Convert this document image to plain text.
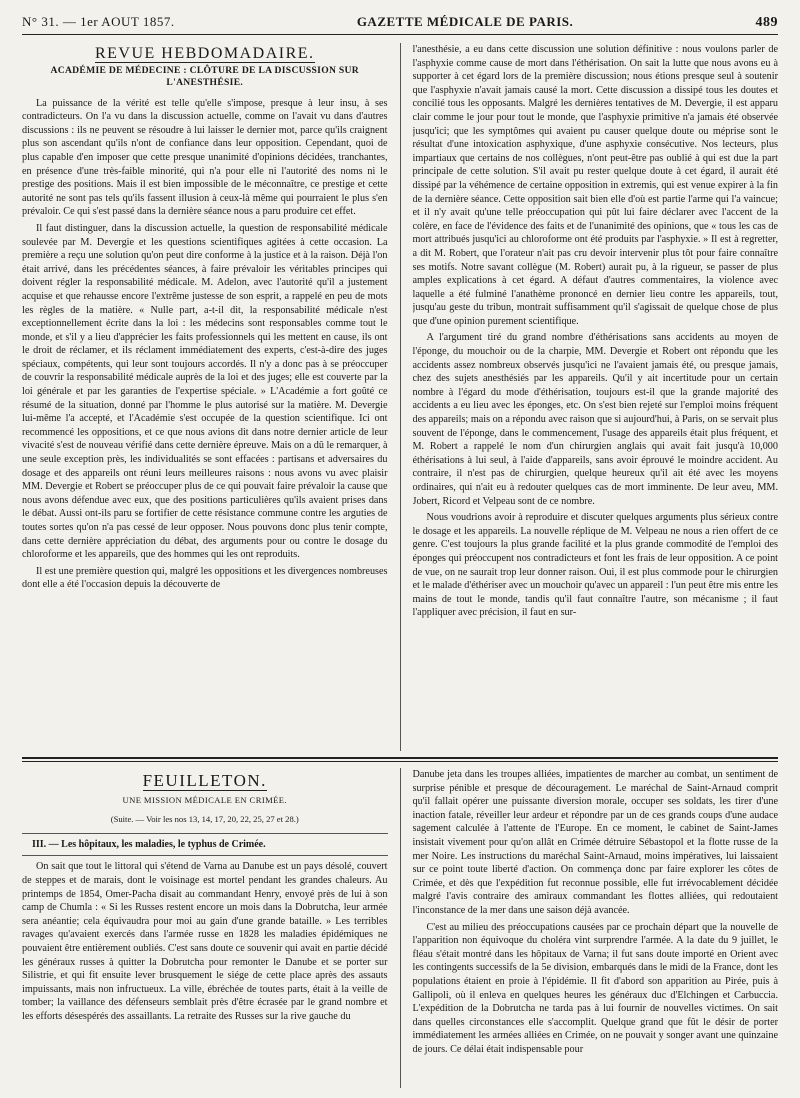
N° 31. — 1er AOUT 1857.	GAZETTE MÉDICALE DE PARIS.	489
REVUE HEBDOMADAIRE.
ACADÉMIE DE MÉDECINE : CLÔTURE DE LA DISCUSSION SUR L'ANESTHÉSIE.

La puissance de la vérité est telle qu'elle s'impose, presque à leur insu, à ses contradicteurs. On l'a vu dans la discussion actuelle, comme on l'avait vu dans d'autres discussions : ils ne peuvent se résoudre à lui laisser le dernier mot, parce qu'ils craignent plus son ascendant qu'ils n'ont de confiance dans leur opposition. Cependant, quoi de plus capable d'en imposer que cette presque unanimité d'opinions décidées, tranchantes, en présence d'une très-faible minorité, qui n'a pour elle ni l'autorité des noms ni le prestige des positions. Mais il est bien impossible de le méconnaître, ce prestige et cette autorité ne sont pas tels qu'ils fassent illusion à ceux-là même qui pourraient le plus s'en prévaloir. Ce qui s'est passé dans la dernière séance nous a paru produire cet effet.

Il faut distinguer, dans la discussion actuelle, la question de responsabilité médicale soulevée par M. Devergie et les questions scientifiques agitées à cette occasion. La première a reçu une solution qu'on peut dire conforme à la justice et à la raison. Déjà l'on était arrivé, dans les précédentes séances, à faire prévaloir les véritables principes qui doivent régler la responsabilité médicale. M. Adelon, avec l'autorité qu'il a justement acquise et que rehausse encore l'extrême justesse de son esprit, a rappelé en peu de mots les règles de la matière. « Nulle part, a-t-il dit, la responsabilité médicale n'est exceptionnellement écrite dans la loi : les médecins sont responsables comme tout le monde, et s'il y a lieu d'apprécier les faits professionnels qui les mettent en cause, ils ont le droit de réclamer, et ils réclament immédiatement des experts, c'est-à-dire des juges spéciaux, compétents, qui leur sont toujours accordés. Il n'y a donc pas à se préoccuper de couvrir la responsabilité médicale auprès de la loi et des juges; elle est couverte par la loi générale et par les garanties de l'expertise spéciale. » L'Académie a fort goûté ce résumé de la situation, donné par l'homme le plus autorisé sur la matière. M. Devergie lui-même l'a accepté, et l'Académie s'est occupée de la question scientifique. Ici ont recommencé les oppositions, et ce que nous avions dit dans notre dernier article de leur vivacité s'est de nouveau vérifié dans cette dernière épreuve. Mais on a dû le remarquer, à une seule exception près, les individualités se sont effacées : partisans et adversaires du dosage et des appareils ont réuni leurs meilleures raisons : nous avons vu avec plaisir MM. Devergie et Robert se préoccuper plus de ce qui pouvait faire prévaloir la cause que nous avons défendue avec eux, que des positions particulières qu'ils avaient prises dans le débat. Aussi ont-ils paru se fortifier de cette résistance commune contre les arguties de toutes sortes qu'on n'a pas cessé de leur opposer. Nous pouvons donc plus tenir compte, dans cette dernière appréciation du débat, des arguments pour ou contre le dosage du chloroforme et les appareils, que des hommes qui les ont reproduits.

Il est une première question qui, malgré les oppositions et les divergences nombreuses dont elle a été l'occasion depuis la découverte de

l'anesthésie, a eu dans cette discussion une solution définitive : nous voulons parler de l'asphyxie comme cause de mort dans l'éthérisation. On sait la lutte que nous avons eu à supporter à cet égard lors de la première discussion; nous étions presque seul à soutenir que l'asphyxie n'avait jamais causé la mort. Cette discussion a dissipé tous les doutes et concilié tous les opposants. Malgré les dernières tentatives de M. Devergie, il est apparu clair comme le jour pour tout le monde, que l'asphyxie primitive n'a jamais été observée jusqu'ici; que les symptômes qui avaient pu causer quelque doute ou méprise sont le résultat d'une intoxication asphyxique, d'une asphyxie consécutive. Nos lecteurs, plus impartiaux que certains de nos collègues, n'ont peut-être pas oublié à qui est due la part principale de cette solution. S'il avait pu rester quelque doute à cet égard, il aurait été dissipé par la véhémence de certaine opposition in extremis, qui est venue expirer à la fin de la dernière séance. Cette opposition sait bien elle d'où est partie l'arme qui l'a vaincue; et il n'y avait qu'une telle préoccupation qui pût lui faire déclarer avec l'accent de la colère, en face de l'évidence des faits et de l'unanimité des opinions, que « tous les cas de mort attribués jusqu'ici au chloroforme ont été produits par l'asphyxie. » Il est à regretter, a dit M. Robert, que l'orateur n'ait pas cru devoir intervenir plus tôt pour faire connaître ses motifs. Notre savant collègue (M. Robert) aurait pu, à la rigueur, se passer de plus amples explications à cet égard. A défaut d'autres commentaires, la violence avec laquelle a été fulminé l'anathème prononcé en dernier lieu contre les appareils, tout, jusqu'au geste du tribun, montrait suffisamment qu'il s'agissait de quelque chose de plus que d'une opinion purement scientifique.

A l'argument tiré du grand nombre d'éthérisations sans accidents au moyen de l'éponge, du mouchoir ou de la charpie, MM. Devergie et Robert ont répondu que les accidents assez nombreux observés jusqu'ici ne l'avaient jamais été, ou presque jamais, chez des sujets anesthésiés par les appareils. Qu'il y ait incertitude pour un certain nombre à l'égard du mode d'éthérisation, toujours est-il que la grande majorité des accidents a eu lieu avec les éponges, etc. On s'est bien rejeté sur l'emploi moins fréquent des appareils; mais on a répondu avec raison que si aujourd'hui, à Paris, on se servait plus souvent de l'éponge, dans le commencement, l'usage des appareils était plus fréquent, et M. Robert a rappelé le nom d'un chirurgien anglais qui avait fait jusqu'à 10,000 éthérisations à lui seul, à l'aide d'appareils, sans avoir éprouvé le moindre accident. Au contraire, il n'est pas de chirurgien, quelque heureux qu'il ait été avec les moyens ordinaires, qui n'ait eu à redouter quelques cas de mort imminente. De leur aveu, MM. Jobert, Ricord et Velpeau sont de ce nombre.

Nous voudrions avoir à reproduire et discuter quelques arguments plus sérieux contre le dosage et les appareils. La nouvelle réplique de M. Velpeau ne nous a rien offert de ce genre. C'est toujours la plus grande facilité et la plus grande commodité de l'emploi des éponges qui préoccupent nos contradicteurs et font les frais de leur opposition. A ce point de vue, on ne saurait trop leur donner raison. Oui, il est plus commode pour le chirurgien et le malade d'éthériser avec un mouchoir qu'avec un appareil : l'un peut être mis entre les mains de tout le monde, tandis qu'il faut connaître l'autre, son mécanisme ; il faut l'appliquer avec précision, il faut en sur-

FEUILLETON.
UNE MISSION MÉDICALE EN CRIMÉE.
(Suite. — Voir les nos 13, 14, 17, 20, 22, 25, 27 et 28.)
III. — Les hôpitaux, les maladies, le typhus de Crimée.

On sait que tout le littoral qui s'étend de Varna au Danube est un pays désolé, couvert de steppes et de marais, dont le voisinage est mortel pendant les grandes chaleurs. Au printemps de 1854, Omer-Pacha disait au commandant Henry, envoyé près de lui à son camp de Chumla : « Si les Russes restent encore un mois dans la Dobrutcha, leur armée sera anéantie; cela équivaudra pour moi au gain d'une grande bataille. » Les terribles ravages qu'avaient exercés dans l'armée russe en 1828 les maladies épidémiques ne pouvaient être entièrement oubliés. C'est sans doute ce souvenir qui avait en partie décidé les généraux russes à quitter la Dobrutcha pour remonter le Danube et se porter sur Silistrie, et qui fit ensuite lever brusquement le siége de cette place après des assauts impuissants, mais non infructueux. La ville, ébréchée de toutes parts, était à la veille de tomber; la vaillance des défenseurs semblait près d'être écrasée par le grand nombre et les efforts désespérés des assaillants. La retraite des Russes sur la rive gauche du

Danube jeta dans les troupes alliées, impatientes de marcher au combat, un sentiment de surprise pénible et presque de découragement. Le maréchal de Saint-Arnaud comprit qu'il fallait opérer une puissante diversion morale, occuper ses soldats, les tirer d'une inaction fatale, réveiller leur ardeur et répondre par un de ces grands coups d'une audace sagement calculée à l'attente de l'Europe. En ce moment, le cabinet de Saint-James insistait vivement pour qu'on allât en Crimée détruire Sébastopol et la flotte russe de la mer Noire. Les instructions du maréchal Saint-Arnaud, moins impératives, lui laissaient sur ce point toute liberté d'action. On commença donc par faire explorer les côtes de Crimée, et dès que l'expédition fut reconnue possible, elle fut irrévocablement décidée malgré l'avis contraire des amiraux commandant les flottes alliées, qui redoutaient l'inconstance de la mer dans une saison déjà avancée.

C'est au milieu des préoccupations causées par ce prochain départ que la nouvelle de l'apparition non équivoque du choléra vint surprendre l'armée. A la date du 9 juillet, le fléau s'était montré dans les hôpitaux de Varna; il fut sans doute importé en Orient avec les contingents successifs de la 5e division, embarqués dans le midi de la France, dont les populations étaient en proie à l'épidémie. Il fit d'abord son apparition au Pirée, puis à Gallipoli, où il enleva en quelques heures les généraux duc d'Elchingen et Carbuccia. L'expédition de la Dobrutcha ne tarda pas à lui fournir de nouvelles victimes. On sait dans quelles circonstances elle s'accomplit. Quelque grand que fût le désir de porter immédiatement les armées alliées en Crimée, on ne pouvait y songer avant une quinzaine de jours. Ce délai était indispensable pour
